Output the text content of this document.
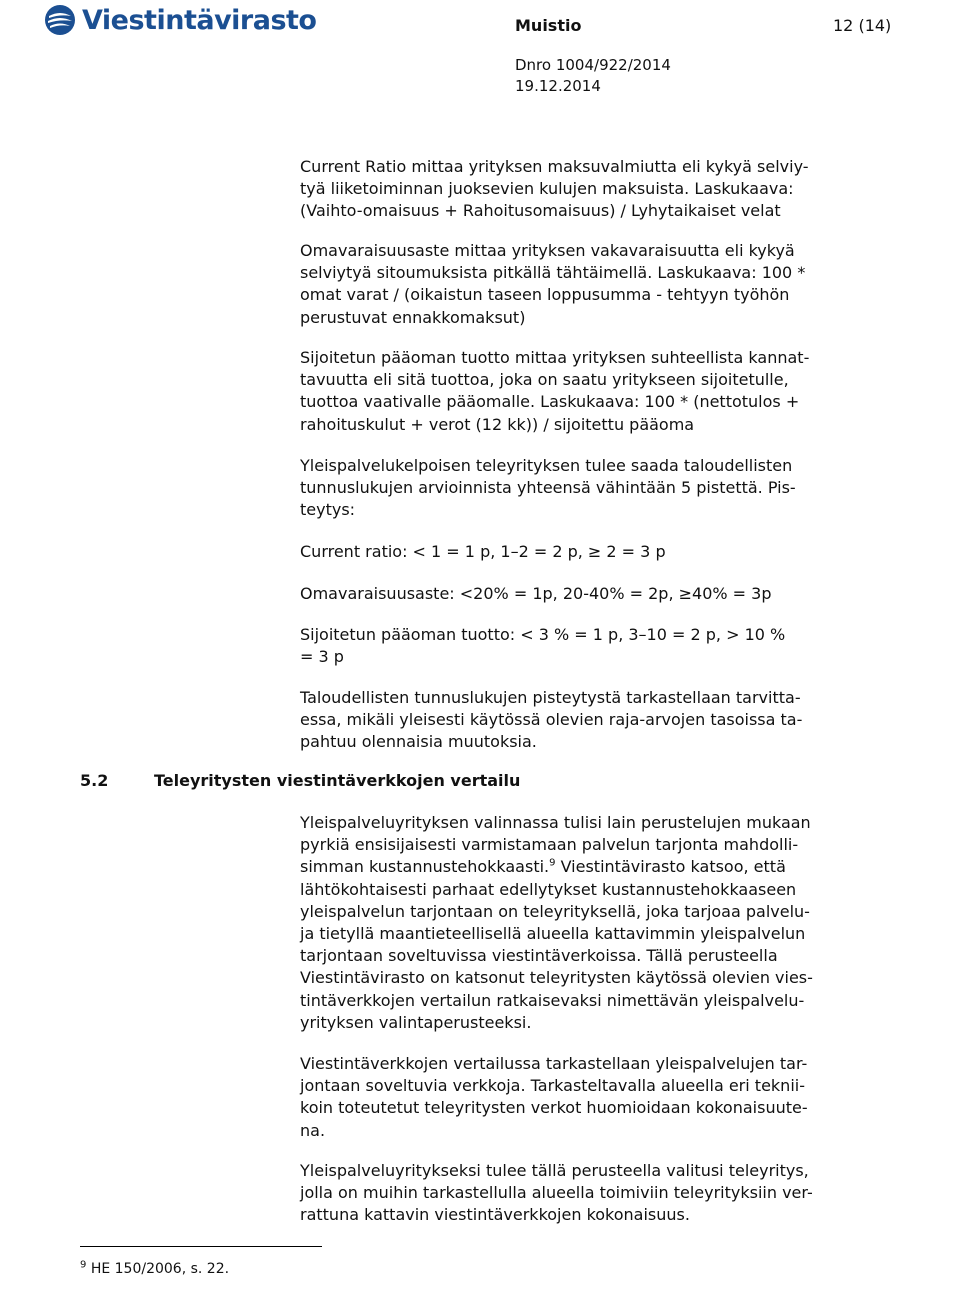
Viestintävirasto	Muistio	12 (14)
Dnro 1004/922/2014
19.12.2014
Current Ratio mittaa yrityksen maksuvalmiutta eli kykyä selviy-
tyä liiketoiminnan juoksevien kulujen maksuista. Laskukaava:
(Vaihto-omaisuus + Rahoitusomaisuus) / Lyhytaikaiset velat
Omavaraisuusaste mittaa yrityksen vakavaraisuutta eli kykyä
selviytyä sitoumuksista pitkällä tähtäimellä. Laskukaava: 100 *
omat varat / (oikaistun taseen loppusumma - tehtyyn työhön
perustuvat ennakkomaksut)
Sijoitetun pääoman tuotto mittaa yrityksen suhteellista kannat-
tavuutta eli sitä tuottoa, joka on saatu yritykseen sijoitetulle,
tuottoa vaativalle pääomalle. Laskukaava: 100 * (nettotulos +
rahoituskulut + verot (12 kk)) / sijoitettu pääoma
Yleispalvelukelpoisen teleyrityksen tulee saada taloudellisten
tunnuslukujen arvioinnista yhteensä vähintään 5 pistettä. Pis-
teytys:
Current ratio: < 1 = 1 p, 1–2 = 2 p, ≥ 2 = 3 p
Omavaraisuusaste: <20% = 1p, 20-40% = 2p, ≥40% = 3p
Sijoitetun pääoman tuotto: < 3 % = 1 p, 3–10 = 2 p, > 10 %
= 3 p
Taloudellisten tunnuslukujen pisteytystä tarkastellaan tarvitta-
essa, mikäli yleisesti käytössä olevien raja-arvojen tasoissa ta-
pahtuu olennaisia muutoksia.
5.2	Teleyritysten viestintäverkkojen vertailu
Yleispalveluyrityksen valinnassa tulisi lain perustelujen mukaan
pyrkiä ensisijaisesti varmistamaan palvelun tarjonta mahdolli-
simman kustannustehokkaasti.$^9$ Viestintävirasto katsoo, että
lähtökohtaisesti parhaat edellytykset kustannustehokkaaseen
yleispalvelun tarjontaan on teleyrityksellä, joka tarjoaa palvelu-
ja tietyllä maantieteellisellä alueella kattavimmin yleispalvelun
tarjontaan soveltuvissa viestintäverkoissa. Tällä perusteella
Viestintävirasto on katsonut teleyritysten käytössä olevien vies-
tintäverkkojen vertailun ratkaisevaksi nimettävän yleispalvelu-
yrityksen valintaperusteeksi.
Viestintäverkkojen vertailussa tarkastellaan yleispalvelujen tar-
jontaan soveltuvia verkkoja. Tarkasteltavalla alueella eri teknii-
koin toteutetut teleyritysten verkot huomioidaan kokonaisuute-
na.
Yleispalveluyritykseksi tulee tällä perusteella valitusi teleyritys,
jolla on muihin tarkastellulla alueella toimiviin teleyrityksiin ver-
rattuna kattavin viestintäverkkojen kokonaisuus.
$^9$ HE 150/2006, s. 22.
